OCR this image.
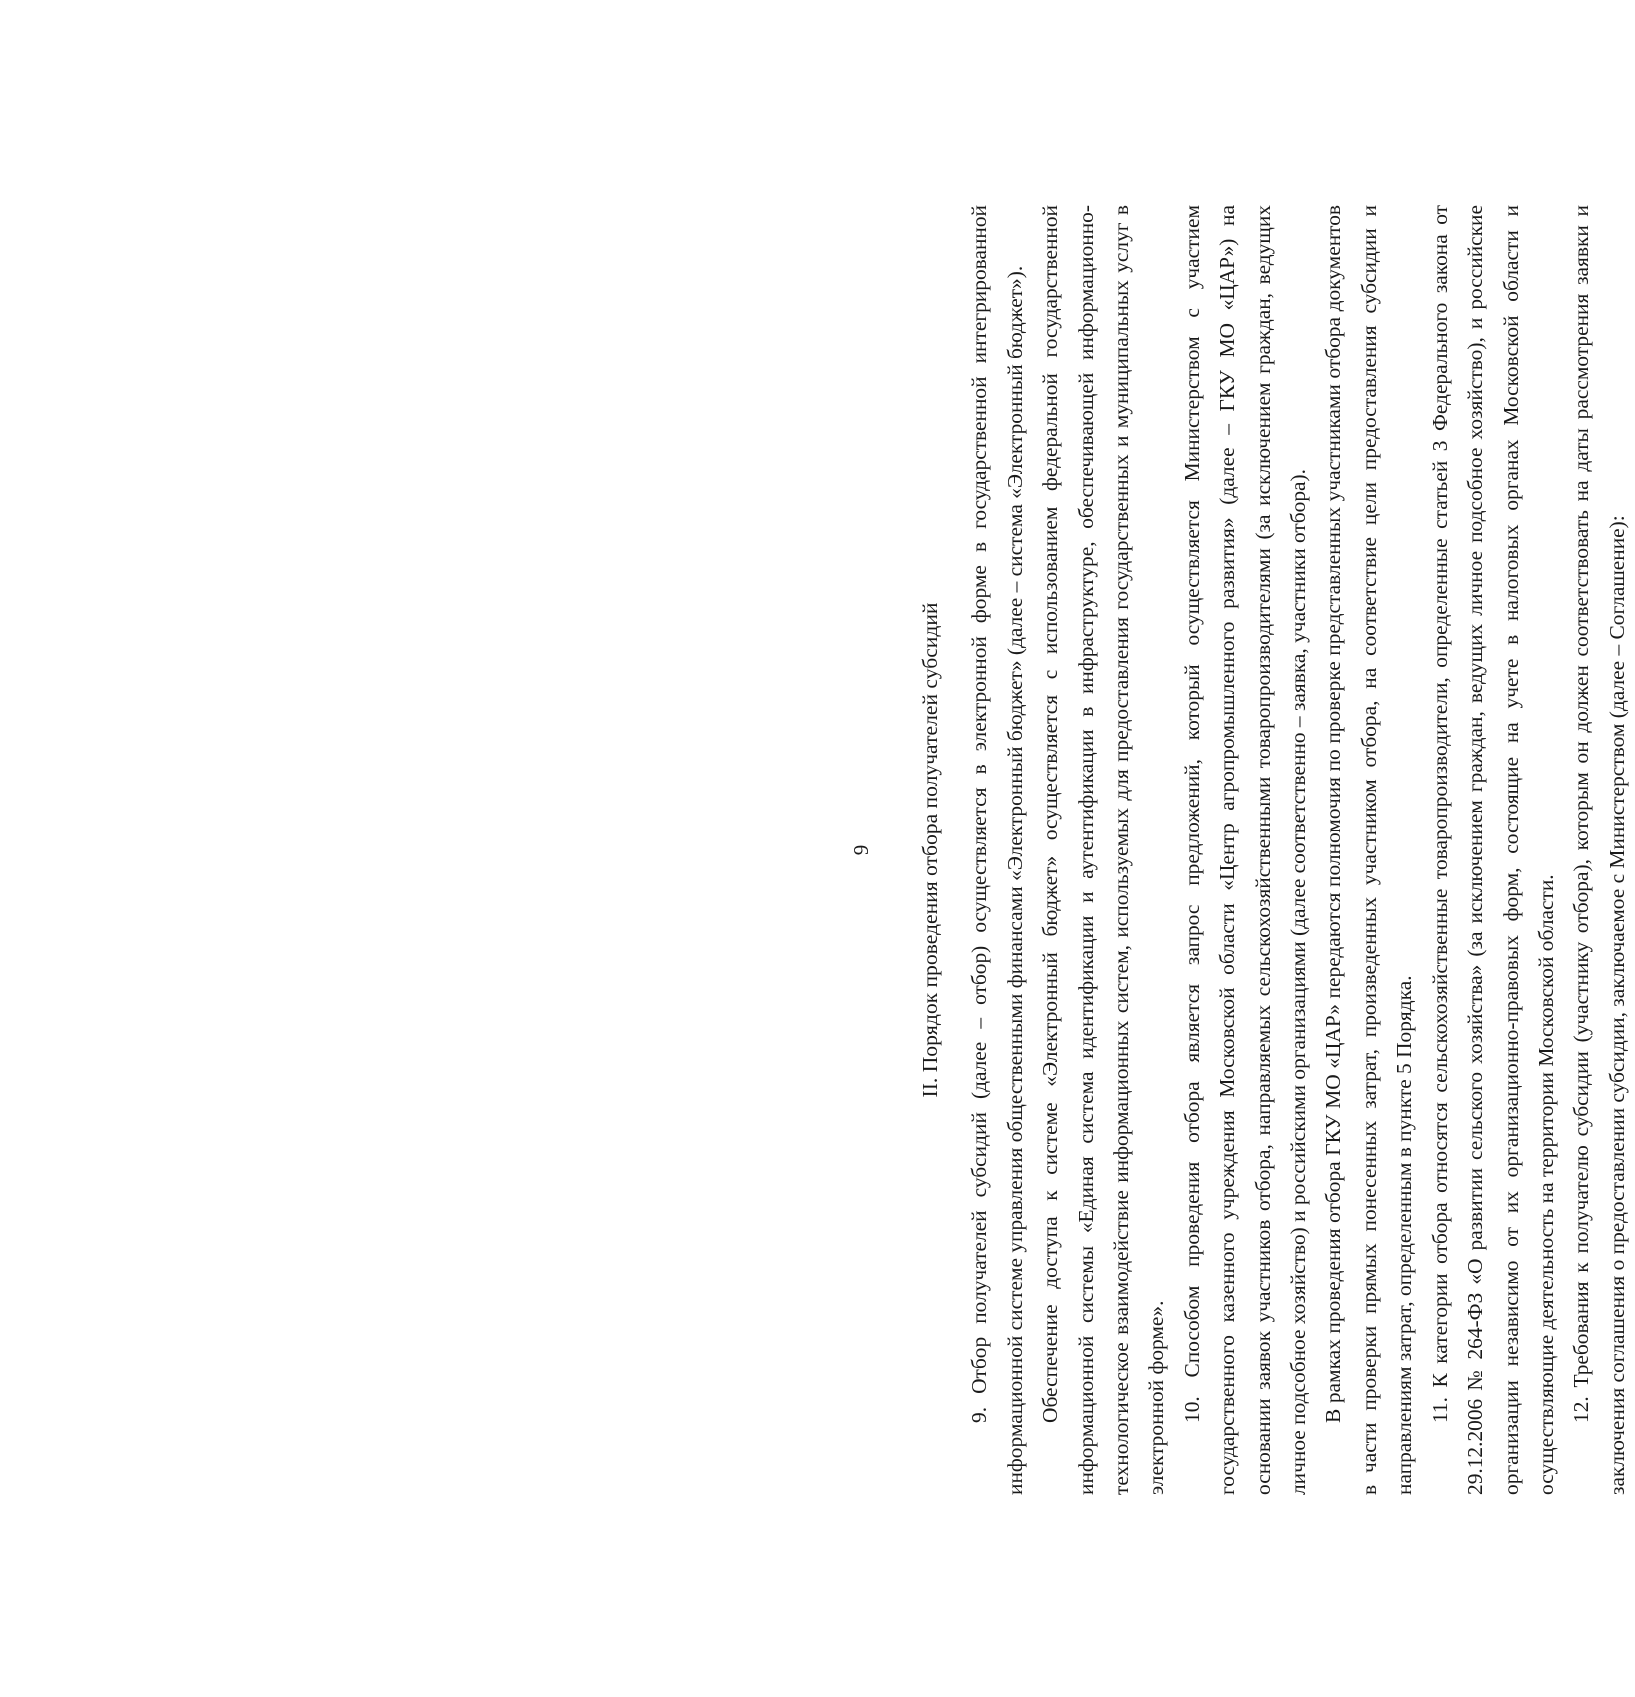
9	II. Порядок проведения отбора получателей субсидий 9. Отбор получателей субсидий (далее – отбор) осуществляется в электронной форме в государственной интегрированной информационной системе управления общественными финансами «Электронный бюджет» (далее – система «Электронный бюджет»). Обеспечение доступа к системе «Электронный бюджет» осуществляется с использованием федеральной государственной информационной системы «Единая система идентификации и аутентификации в инфраструктуре, обеспечивающей информационно-технологическое взаимодействие информационных систем, используемых для предоставления государственных и муниципальных услуг в электронной форме». 10. Способом проведения отбора является запрос предложений, который осуществляется Министерством с участием государственного казенного учреждения Московской области «Центр агропромышленного развития» (далее – ГКУ МО «ЦАР») на основании заявок участников отбора, направляемых сельскохозяйственными товаропроизводителями (за исключением граждан, ведущих личное подсобное хозяйство) и российскими организациями (далее соответственно – заявка, участники отбора). В рамках проведения отбора ГКУ МО «ЦАР» передаются полномочия по проверке представленных участниками отбора документов в части проверки прямых понесенных затрат, произведенных участником отбора, на соответствие цели предоставления субсидии и направлениям затрат, определенным в пункте 5 Порядка. 11. К категории отбора относятся сельскохозяйственные товаропроизводители, определенные статьей 3 Федерального закона от 29.12.2006 № 264-ФЗ «О развитии сельского хозяйства» (за исключением граждан, ведущих личное подсобное хозяйство), и российские организации независимо от их организационно-правовых форм, состоящие на учете в налоговых органах Московской области и осуществляющие деятельность на территории Московской области. 12. Требования к получателю субсидии (участнику отбора), которым он должен соответствовать на даты рассмотрения заявки и заключения соглашения о предоставлении субсидии, заключаемое с Министерством (далее – Соглашение):
